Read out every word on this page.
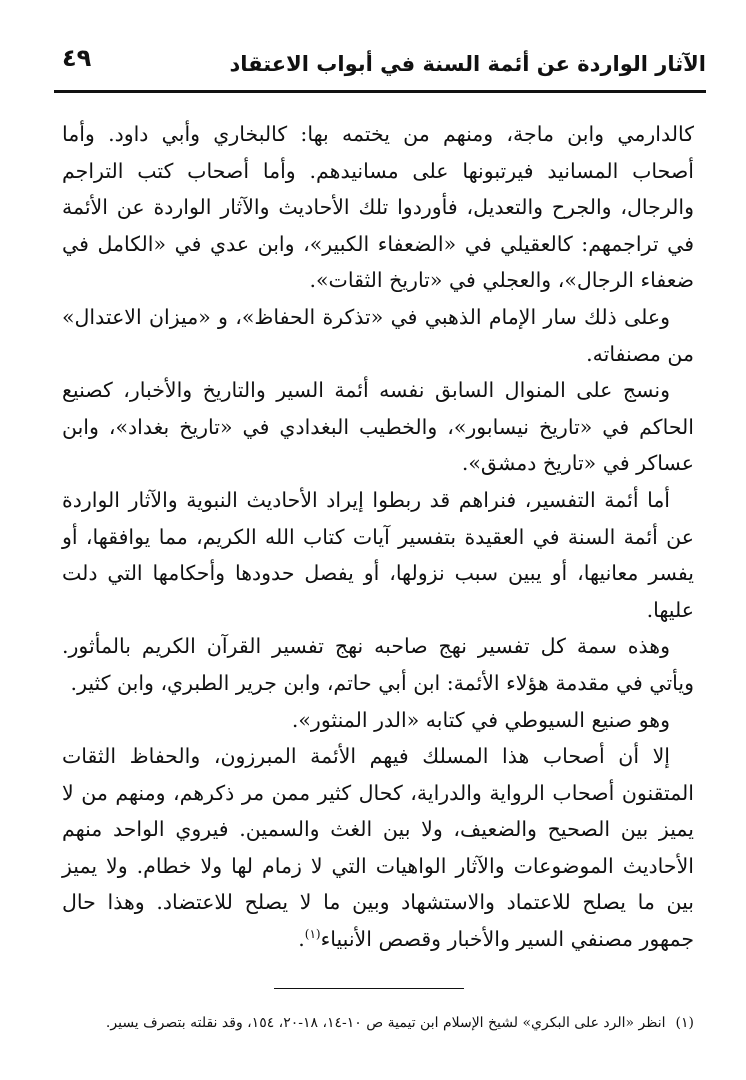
الآثار الواردة عن أئمة السنة في أبواب الاعتقاد
٤٩

كالدارمي وابن ماجة، ومنهم من يختمه بها: كالبخاري وأبي داود. وأما أصحاب المسانيد فيرتبونها على مسانيدهم. وأما أصحاب كتب التراجم والرجال، والجرح والتعديل، فأوردوا تلك الأحاديث والآثار الواردة عن الأئمة في تراجمهم: كالعقيلي في «الضعفاء الكبير»، وابن عدي في «الكامل في ضعفاء الرجال»، والعجلي في «تاريخ الثقات».

وعلى ذلك سار الإمام الذهبي في «تذكرة الحفاظ»، و «ميزان الاعتدال» من مصنفاته.

ونسج على المنوال السابق نفسه أئمة السير والتاريخ والأخبار، كصنيع الحاكم في «تاريخ نيسابور»، والخطيب البغدادي في «تاريخ بغداد»، وابن عساكر في «تاريخ دمشق».

أما أئمة التفسير، فنراهم قد ربطوا إيراد الأحاديث النبوية والآثار الواردة عن أئمة السنة في العقيدة بتفسير آيات كتاب الله الكريم، مما يوافقها، أو يفسر معانيها، أو يبين سبب نزولها، أو يفصل حدودها وأحكامها التي دلت عليها.

وهذه سمة كل تفسير نهج صاحبه نهج تفسير القرآن الكريم بالمأثور. ويأتي في مقدمة هؤلاء الأئمة: ابن أبي حاتم، وابن جرير الطبري، وابن كثير.

وهو صنيع السيوطي في كتابه «الدر المنثور».

إلا أن أصحاب هذا المسلك فيهم الأئمة المبرزون، والحفاظ الثقات المتقنون أصحاب الرواية والدراية، كحال كثير ممن مر ذكرهم، ومنهم من لا يميز بين الصحيح والضعيف، ولا بين الغث والسمين. فيروي الواحد منهم الأحاديث الموضوعات والآثار الواهيات التي لا زمام لها ولا خطام. ولا يميز بين ما يصلح للاعتماد والاستشهاد وبين ما لا يصلح للاعتضاد. وهذا حال جمهور مصنفي السير والأخبار وقصص الأنبياء$^{(١)}$.

(١)انظر «الرد على البكري» لشيخ الإسلام ابن تيمية ص ١٠-١٤، ١٨-٢٠، ١٥٤، وقد نقلته بتصرف يسير.
